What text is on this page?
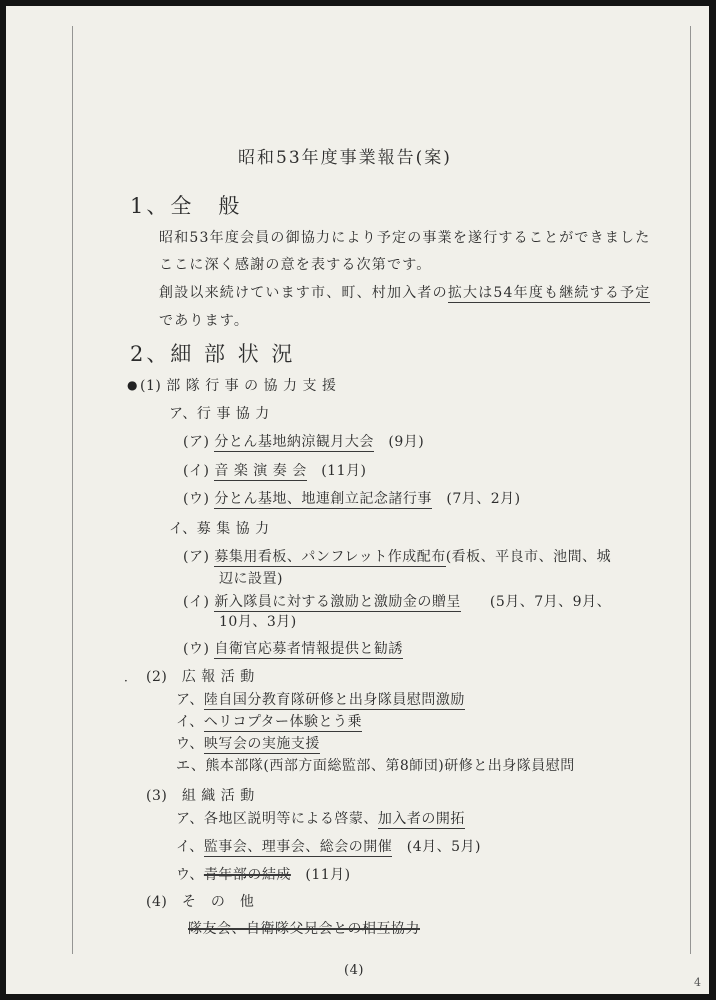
昭和53年度事業報告(案)

1、全　般

昭和53年度会員の御協力により予定の事業を遂行することができました

ここに深く感謝の意を表する次第です。

創設以来続けています市、町、村加入者の拡大は54年度も継続する予定

であります。

2、細 部 状 況

● (1) 部 隊 行 事 の 協 力 支 援

ア、行 事 協 力

(ア) 分とん基地納涼観月大会　 (9月)

(イ) 音 楽 演 奏 会　 (11月)

(ウ) 分とん基地、地連創立記念諸行事　 (7月、2月)

イ、募 集 協 力

(ア) 募集用看板、パンフレット作成配布(看板、平良市、池間、城

辺に設置)

(イ) 新入隊員に対する激励と激励金の贈呈　　 (5月、7月、9月、

10月、3月)

(ウ) 自衛官応募者情報提供と勧誘

· (2)　 広 報 活 動

ア、陸自国分教育隊研修と出身隊員慰問激励

イ、ヘリコプター体験とう乗

ウ、映写会の実施支援

エ、熊本部隊(西部方面総監部、第8師団)研修と出身隊員慰問

(3)　 組 織 活 動

ア、各地区説明等による啓蒙、加入者の開拓

イ、監事会、理事会、総会の開催　 (4月、5月)

ウ、青年部の結成　 (11月)

(4)　 そ　の　他

隊友会、自衛隊父兄会との相互協力

(4)

4
